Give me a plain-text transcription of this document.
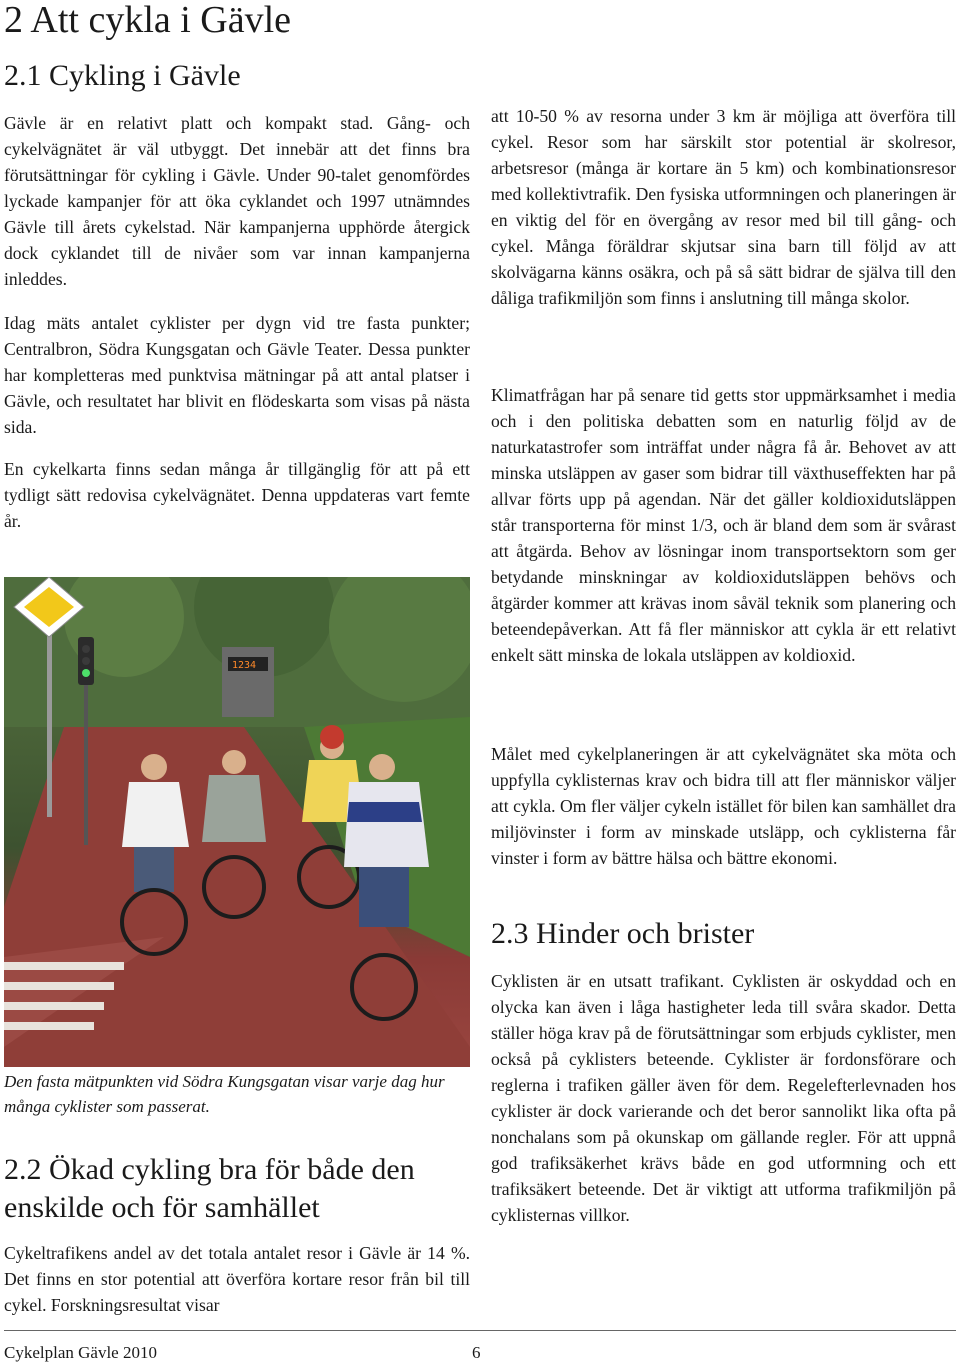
2 Att cykla i Gävle
2.1 Cykling i Gävle

Gävle är en relativt platt och kompakt stad. Gång- och cykelvägnätet är väl utbyggt. Det innebär att det finns bra förutsättningar för cykling i Gävle. Under 90-talet genomfördes lyckade kampanjer för att öka cyklandet och 1997 utnämndes Gävle till årets cykelstad. När kampanjerna upphörde återgick dock cyklandet till de nivåer som var innan kampanjerna inleddes.

Idag mäts antalet cyklister per dygn vid tre fasta punkter; Centralbron, Södra Kungsgatan och Gävle Teater. Dessa punkter har kompletteras med punktvisa mätningar på att antal platser i Gävle, och resultatet har blivit en flödeskarta som visas på nästa sida.

En cykelkarta finns sedan många år tillgänglig för att på ett tydligt sätt redovisa cykelvägnätet. Denna uppdateras vart femte år.

1234

Den fasta mätpunkten vid Södra Kungsgatan visar varje dag hur många cyklister som passerat.

2.2 Ökad cykling bra för både den enskilde och för samhället

Cykeltrafikens andel av det totala antalet resor i Gävle är 14 %. Det finns en stor potential att överföra kortare resor från bil till cykel. Forskningsresultat visar

att 10-50 % av resorna under 3 km är möjliga att överföra till cykel. Resor som har särskilt stor potential är skolresor, arbetsresor (många är kortare än 5 km) och kombinationsresor med kollektivtrafik. Den fysiska utformningen och planeringen är en viktig del för en övergång av resor med bil till gång- och cykel. Många föräldrar skjutsar sina barn till följd av att skolvägarna känns osäkra, och på så sätt bidrar de själva till den dåliga trafikmiljön som finns i anslutning till många skolor.

Klimatfrågan har på senare tid getts stor uppmärksamhet i media och i den politiska debatten som en naturlig följd av de naturkatastrofer som inträffat under några få år. Behovet av att minska utsläppen av gaser som bidrar till växthuseffekten har på allvar förts upp på agendan. När det gäller koldioxidutsläppen står transporterna för minst 1/3, och är bland dem som är svårast att åtgärda. Behov av lösningar inom transportsektorn som ger betydande minskningar av koldioxidutsläppen behövs och åtgärder kommer att krävas inom såväl teknik som planering och beteendepåverkan. Att få fler människor att cykla är ett relativt enkelt sätt minska de lokala utsläppen av koldioxid.

Målet med cykelplaneringen är att cykelvägnätet ska möta och uppfylla cyklisternas krav och bidra till att fler människor väljer att cykla. Om fler väljer cykeln istället för bilen kan samhället dra miljövinster i form av minskade utsläpp, och cyklisterna får vinster i form av bättre hälsa och bättre ekonomi.

2.3 Hinder och brister

Cyklisten är en utsatt trafikant. Cyklisten är oskyddad och en olycka kan även i låga hastigheter leda till svåra skador. Detta ställer höga krav på de förutsättningar som erbjuds cyklister, men också på cyklisters beteende. Cyklister är fordonsförare och reglerna i trafiken gäller även för dem. Regelefterlevnaden hos cyklister är dock varierande och det beror sannolikt lika ofta på nonchalans som på okunskap om gällande regler. För att uppnå god trafiksäkerhet krävs både en god utformning och ett trafiksäkert beteende. Det är viktigt att utforma trafikmiljön på cyklisternas villkor.

Cykelplan Gävle 2010	6
